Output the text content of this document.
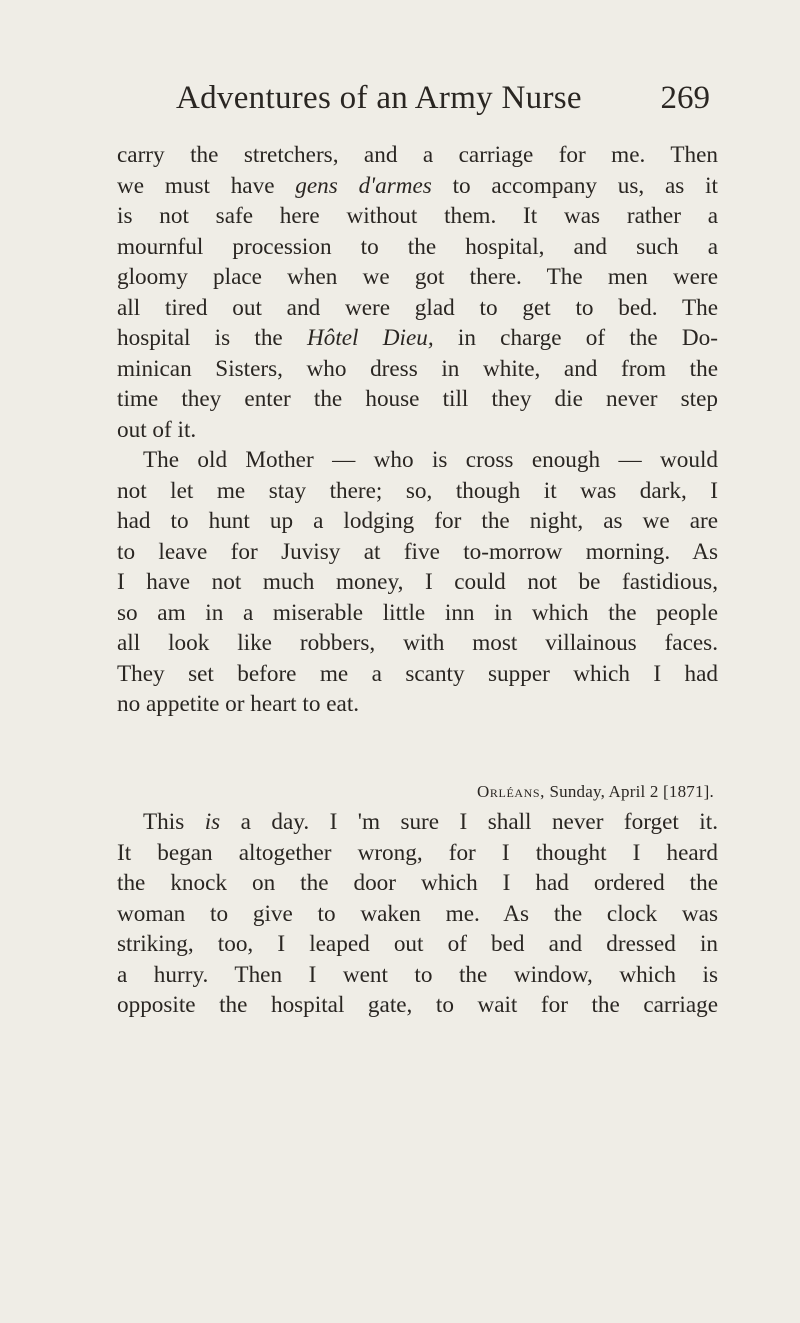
Adventures of an Army Nurse 269
carry the stretchers, and a carriage for me. Then
we must have gens d'armes to accompany us, as it
is not safe here without them. It was rather a
mournful procession to the hospital, and such a
gloomy place when we got there. The men were
all tired out and were glad to get to bed. The
hospital is the Hôtel Dieu, in charge of the Do-
minican Sisters, who dress in white, and from the
time they enter the house till they die never step
out of it.
The old Mother — who is cross enough — would
not let me stay there; so, though it was dark, I
had to hunt up a lodging for the night, as we are
to leave for Juvisy at five to-morrow morning. As
I have not much money, I could not be fastidious,
so am in a miserable little inn in which the people
all look like robbers, with most villainous faces.
They set before me a scanty supper which I had
no appetite or heart to eat.
Orléans, Sunday, April 2 [1871].
This is a day. I 'm sure I shall never forget it.
It began altogether wrong, for I thought I heard
the knock on the door which I had ordered the
woman to give to waken me. As the clock was
striking, too, I leaped out of bed and dressed in
a hurry. Then I went to the window, which is
opposite the hospital gate, to wait for the carriage
